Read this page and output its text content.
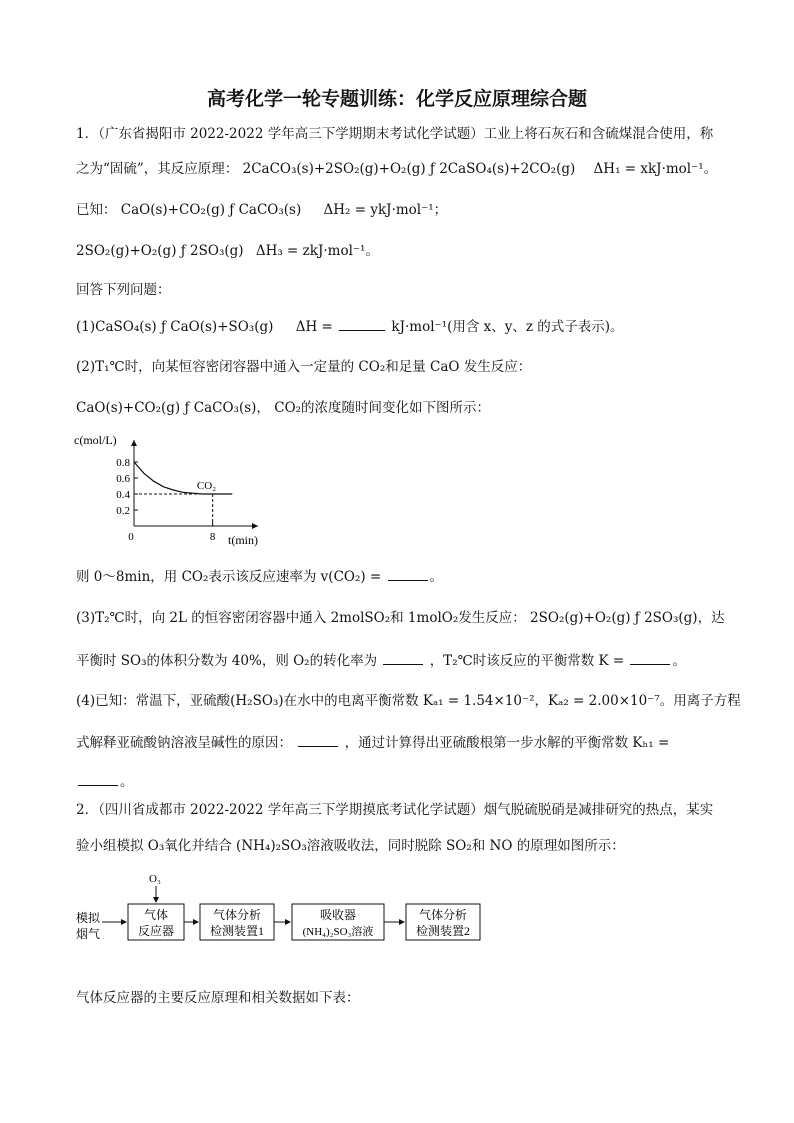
高考化学一轮专题训练：化学反应原理综合题
1．（广东省揭阳市 2022-2022 学年高三下学期期末考试化学试题）工业上将石灰石和含硫煤混合使用，称
之为“固硫”，其反应原理： 2CaCO₃(s)+2SO₂(g)+O₂(g) ƒ 2CaSO₄(s)+2CO₂(g) ΔH₁ = xkJ·mol⁻¹。
已知： CaO(s)+CO₂(g) ƒ CaCO₃(s) ΔH₂ = ykJ·mol⁻¹；
2SO₂(g)+O₂(g) ƒ 2SO₃(g) ΔH₃ = zkJ·mol⁻¹。
回答下列问题：
(1)CaSO₄(s) ƒ CaO(s)+SO₃(g) ΔH =	kJ·mol⁻¹(用含 x、y、z 的式子表示)。
(2)T₁℃时，向某恒容密闭容器中通入一定量的 CO₂和足量 CaO 发生反应：
CaO(s)+CO₂(g) ƒ CaCO₃(s)， CO₂的浓度随时间变化如下图所示：
0.8
0.6
0.4
0.2
0	8
CO₂
c(mol/L)
t(min)
则 0～8min，用 CO₂表示该反应速率为 v(CO₂) =	。
(3)T₂℃时，向 2L 的恒容密闭容器中通入 2molSO₂和 1molO₂发生反应： 2SO₂(g)+O₂(g) ƒ 2SO₃(g)，达
平衡时 SO₃的体积分数为 40%，则 O₂的转化率为	，T₂℃时该反应的平衡常数 K =	。
(4)已知：常温下，亚硫酸(H₂SO₃)在水中的电离平衡常数 Kₐ₁ = 1.54×10⁻²，Kₐ₂ = 2.00×10⁻⁷。用离子方程
式解释亚硫酸钠溶液呈碱性的原因：	，通过计算得出亚硫酸根第一步水解的平衡常数 Kₕ₁ =
。
2．（四川省成都市 2022-2022 学年高三下学期摸底考试化学试题）烟气脱硫脱硝是减排研究的热点，某实
验小组模拟 O₃氧化并结合 (NH₄)₂SO₃溶液吸收法，同时脱除 SO₂和 NO 的原理如图所示：
O₃
模拟
烟气
气体
反应器
气体分析
检测装置1
吸收器
(NH₄)₂SO₃溶液
气体分析
检测装置2
气体反应器的主要反应原理和相关数据如下表：
